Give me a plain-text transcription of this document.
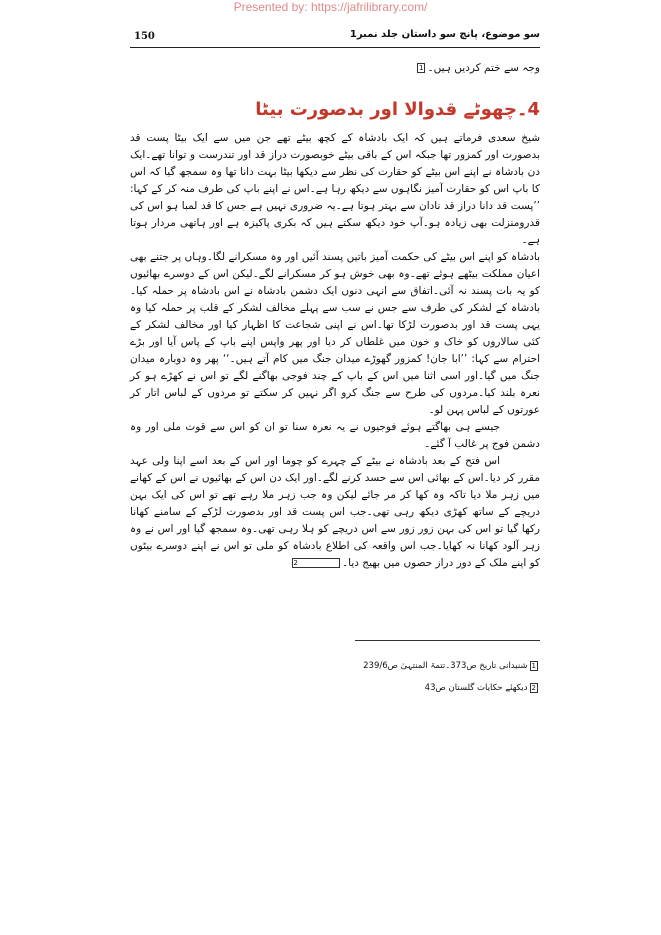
Presented by: https://jafrilibrary.com/
150	سو موضوع، پانچ سو داستان جلد نمبر1

وجہ سے ختم کردیں ہیں۔1

4۔چھوٹے قدوالا اور بدصورت بیٹا

شیخ سعدی فرماتے ہیں کہ ایک بادشاہ کے کچھ بیٹے تھے جن میں سے ایک بیٹا پست قد بدصورت اور کمزور تھا جبکہ اس کے باقی بیٹے خوبصورت دراز قد اور تندرست و توانا تھے۔ایک دن بادشاہ نے اپنے اس بیٹے کو حقارت کی نظر سے دیکھا بیٹا بہت دانا تھا وہ سمجھ گیا کہ اس کا باپ اس کو حقارت آمیز نگاہوں سے دیکھ رہا ہے۔اس نے اپنے باپ کی طرف منہ کر کے کہا: ’’پست قد دانا دراز قد نادان سے بہتر ہوتا ہے۔یہ ضروری نہیں ہے جس کا قد لمبا ہو اس کی قدرومنزلت بھی زیادہ ہو۔آپ خود دیکھ سکتے ہیں کہ بکری پاکیزہ ہے اور ہاتھی مردار ہوتا ہے۔

بادشاہ کو اپنے اس بیٹے کی حکمت آمیز باتیں پسند آئیں اور وہ مسکرانے لگا۔وہاں پر جتنے بھی اعیان مملکت بیٹھے ہوئے تھے۔وہ بھی خوش ہو کر مسکرانے لگے۔لیکن اس کے دوسرے بھائیوں کو یہ بات پسند نہ آئی۔اتفاق سے انہی دنوں ایک دشمن بادشاہ نے اس بادشاہ پر حملہ کیا۔بادشاہ کے لشکر کی طرف سے جس نے سب سے پہلے مخالف لشکر کے قلب پر حملہ کیا وہ یہی پست قد اور بدصورت لڑکا تھا۔اس نے اپنی شجاعت کا اظہار کیا اور مخالف لشکر کے کئی سالاروں کو خاک و خون میں غلطاں کر دیا اور پھر واپس اپنے باپ کے پاس آیا اور بڑے احترام سے کہا: ’’ابا جان! کمزور گھوڑے میدان جنگ میں کام آتے ہیں۔‘‘ پھر وہ دوبارہ میدان جنگ میں گیا۔اور اسی اثنا میں اس کے باپ کے چند فوجی بھاگنے لگے تو اس نے کھڑے ہو کر نعرہ بلند کیا۔مردوں کی طرح سے جنگ کرو اگر نہیں کر سکتے تو مردوں کے لباس اتار کر عورتوں کے لباس پہن لو۔

جیسے ہی بھاگتے ہوئے فوجیوں نے یہ نعرہ سنا تو ان کو اس سے قوت ملی اور وہ دشمن فوج پر غالب آ گئے۔

اس فتح کے بعد بادشاہ نے بیٹے کے چہرے کو چوما اور اس کے بعد اسے اپنا ولی عہد مقرر کر دیا۔اس کے بھائی اس سے حسد کرنے لگے۔اور ایک دن اس کے بھائیوں نے اس کے کھانے میں زہر ملا دیا تاکہ وہ کھا کر مر جائے لیکن وہ جب زہر ملا رہے تھے تو اس کی ایک بہن دریچے کے ساتھ کھڑی دیکھ رہی تھی۔جب اس پست قد اور بدصورت لڑکے کے سامنے کھانا رکھا گیا تو اس کی بہن زور زور سے اس دریچے کو ہلا رہی تھی۔وہ سمجھ گیا اور اس نے وہ زہر آلود کھانا نہ کھایا۔جب اس واقعہ کی اطلاع بادشاہ کو ملی تو اس نے اپنے دوسرے بیٹوں کو اپنے ملک کے دور دراز حصوں میں بھیج دیا۔2

1شنیدانی تاریخ ص373۔تتمۃ المنتہیٰ ص239/6
2دیکھئے حکایات گلستان ص43
